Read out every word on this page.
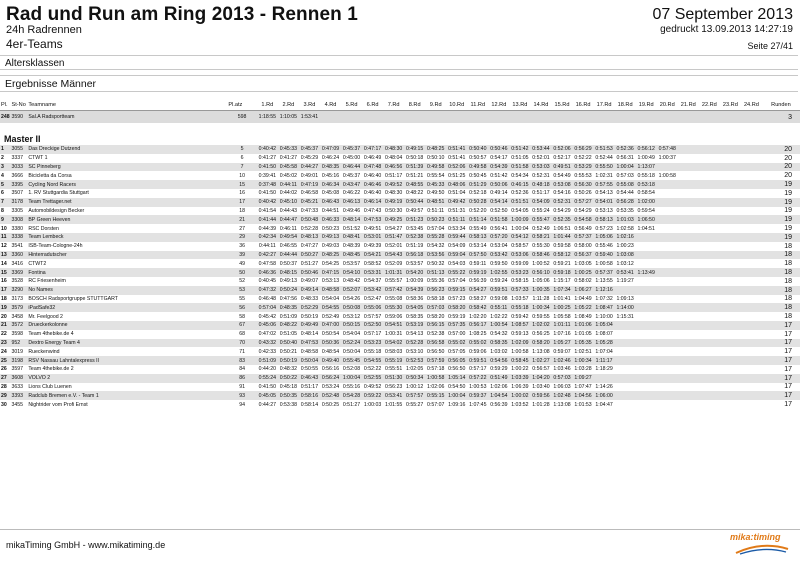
Rad und Run am Ring 2013 - Rennen 1
24h Radrennen
4er-Teams
07 September 2013
gedruckt 13.09.2013 14:27:19
Seite 27/41
Altersklassen
Ergebnisse Männer
Pl.	St-No	Teamname	Pl.atz	1.Rd	2.Rd	3.Rd	4.Rd	5.Rd	6.Rd	7.Rd	8.Rd	9.Rd	10.Rd	11.Rd	12.Rd	13.Rd	14.Rd	15.Rd	16.Rd	17.Rd	18.Rd	19.Rd	20.Rd	21.Rd	22.Rd	23.Rd	24.Rd	Runden
248	3590	Sal.A Radsportteam	598	1:18:55	1:10:05	1:53:41																						3

Master II																												
1	3055	Das Dreckige Dutzend	5	0:40:42	0:45:33	0:45:37	0:47:09	0:45:37	0:47:17	0:48:30	0:49:15	0:48:25	0:51:41	0:50:40	0:50:46	0:51:42	0:53:44	0:52:06	0:56:29	0:51:53	0:52:36	0:56:12	0:57:48					20
2	3337	CTWT 1	6	0:41:27	0:41:27	0:45:29	0:46:24	0:45:00	0:46:49	0:48:04	0:50:18	0:50:10	0:51:41	0:50:57	0:54:17	0:51:05	0:52:01	0:52:17	0:52:22	0:52:44	0:56:31	1:00:49	1:00:37					20
3	3033	SC Pinneberg	7	0:41:50	0:45:58	0:44:27	0:48:35	0:46:44	0:47:48	0:46:56	0:51:39	0:49:58	0:52:06	0:49:58	0:54:39	0:51:58	0:53:03	0:49:51	0:53:29	0:55:50	1:00:04	1:13:07						20
4	3666	Bicicletta da Corsa	10	0:39:41	0:45:02	0:49:01	0:45:16	0:45:37	0:46:40	0:51:17	0:51:21	0:55:54	0:51:25	0:50:45	0:51:42	0:54:34	0:52:31	0:54:49	0:55:53	1:02:31	0:57:03	0:55:18	1:00:58					20
5	3395	Cycling Nord Racers	15	0:37:48	0:44:11	0:47:19	0:46:34	0:43:47	0:46:46	0:49:52	0:48:55	0:45:33	0:48:06	0:51:29	0:50:06	0:46:15	0:48:18	0:53:08	0:56:30	0:57:55	0:55:08	0:53:18						19
6	3507	1. RV Stuttgardia Stuttgart	16	0:41:50	0:44:02	0:46:58	0:45:08	0:46:22	0:46:40	0:48:30	0:48:22	0:49:50	0:51:04	0:52:18	0:49:14	0:52:36	0:51:17	0:54:16	0:50:26	0:54:13	0:54:44	0:58:54						19
7	3178	Team Trettager.net	17	0:40:42	0:45:10	0:45:21	0:46:43	0:46:13	0:46:14	0:49:19	0:50:44	0:48:51	0:49:42	0:50:28	0:54:14	0:51:51	0:54:09	0:52:31	0:57:27	0:54:01	0:56:28	1:02:00						19
8	3305	Automobildesign Becker	18	0:41:54	0:44:43	0:47:33	0:44:51	0:49:46	0:47:43	0:50:30	0:49:57	0:51:11	0:51:31	0:52:20	0:52:50	0:54:05	0:55:24	0:54:29	0:54:29	0:53:13	0:53:35	0:59:54						19
9	3308	BP Green Heeven	21	0:41:44	0:44:47	0:50:48	0:46:33	0:48:14	0:47:53	0:49:25	0:51:23	0:50:23	0:51:11	0:51:14	0:51:58	1:00:09	0:55:47	0:52:35	0:54:58	0:58:13	1:01:03	1:06:50						19
10	3380	RSC Dorsten	27	0:44:39	0:46:11	0:52:28	0:50:23	0:51:52	0:49:51	0:54:27	0:53:45	0:57:04	0:53:34	0:55:49	0:56:41	1:00:04	0:52:49	1:06:51	0:56:49	0:57:23	1:02:58	1:04:51						19
11	3338	Team Lembeck	29	0:42:34	0:49:54	0:48:13	0:49:13	0:48:41	0:53:01	0:51:47	0:52:38	0:55:28	0:59:44	0:58:13	0:57:20	0:54:12	0:58:21	1:01:44	0:57:37	1:05:06	1:02:16							19
12	3541	ISB-Team-Cologne-24h	36	0:44:11	0:46:55	0:47:27	0:49:03	0:48:39	0:49:39	0:52:01	0:51:19	0:54:32	0:54:09	0:53:14	0:53:04	0:58:57	0:55:30	0:59:58	0:58:00	0:55:46	1:00:23							18
13	3360	Hinterradutscher	39	0:42:27	0:44:44	0:50:27	0:48:25	0:48:45	0:54:21	0:54:43	0:56:18	0:53:56	0:59:04	0:57:50	0:53:42	0:53:06	0:58:46	0:58:12	0:56:37	0:59:40	1:03:08							18
14	3416	CTWT2	49	0:47:58	0:50:37	0:51:27	0:54:25	0:53:57	0:58:52	0:52:09	0:53:57	0:50:32	0:54:03	0:59:11	0:59:50	0:59:09	1:00:52	0:59:21	1:03:05	1:00:58	1:03:12							18
15	3369	Fontina	50	0:46:36	0:48:15	0:50:46	0:47:15	0:54:10	0:53:31	1:01:31	0:54:20	0:51:13	0:55:22	0:59:19	1:02:55	0:53:23	0:56:10	0:59:18	1:00:25	0:57:37	0:53:41	1:13:49						18
16	3528	RC Friesenheim	52	0:40:45	0:49:13	0:49:07	0:53:13	0:48:42	0:54:37	0:55:57	1:00:09	0:55:36	0:57:04	0:56:39	0:59:24	0:58:15	1:05:06	1:15:17	0:58:02	1:13:55	1:19:27							18
17	3290	No Names	53	0:47:32	0:50:24	0:49:14	0:48:58	0:52:07	0:53:42	0:57:42	0:54:39	0:56:23	0:59:15	0:54:27	0:59:51	0:57:33	1:00:35	1:07:34	1:06:27	1:12:16								18
18	3173	BOSCH Radsportgruppe STUTTGART	55	0:46:48	0:47:56	0:48:33	0:54:04	0:54:26	0:52:47	0:55:08	0:58:36	0:58:18	0:57:23	0:58:27	0:59:08	1:03:57	1:11:28	1:01:41	1:04:49	1:07:32	1:09:13							18
19	3579	iPadSafe32	56	0:57:04	0:48:35	0:52:29	0:54:55	0:50:08	0:55:06	0:55:30	0:54:05	0:57:03	0:58:20	0:58:42	0:55:11	0:55:18	1:00:34	1:00:25	1:05:22	1:08:47	1:14:00							18
20	3458	Mr. Feelgood 2	58	0:45:42	0:51:09	0:50:19	0:52:49	0:53:12	0:57:57	0:59:06	0:58:35	0:58:20	0:59:19	1:02:20	1:02:22	0:59:42	0:59:55	1:05:58	1:08:49	1:10:00	1:15:31							18
21	3572	Drueckerkolonne	67	0:45:06	0:48:22	0:49:49	0:47:00	0:50:15	0:52:50	0:54:51	0:53:19	0:56:15	0:57:35	0:56:17	1:00:54	1:08:57	1:02:02	1:01:11	1:01:06	1:05:04								17
22	3598	Team 4thebike.de 4	68	0:47:02	0:51:05	0:48:14	0:50:54	0:54:04	0:57:17	1:00:31	0:54:13	0:52:38	0:57:00	1:08:25	0:54:32	0:59:13	0:56:25	1:07:16	1:01:05	1:08:07								17
23	952	Dextro Energy Team 4	70	0:43:32	0:50:40	0:47:53	0:50:36	0:52:24	0:53:23	0:54:02	0:52:28	0:56:58	0:55:02	0:55:02	0:58:35	1:02:09	0:58:20	1:05:27	1:05:35	1:05:28								17
24	3019	Rueckenwind	71	0:42:33	0:50:21	0:48:58	0:48:54	0:50:04	0:55:18	0:58:03	0:53:10	0:56:50	0:57:05	0:59:06	1:03:02	1:00:58	1:13:08	0:59:07	1:02:51	1:07:04								17
25	3198	RSV Nassau Lahntalexpress II	83	0:51:09	0:50:19	0:50:04	0:49:40	0:55:45	0:54:55	0:55:19	0:52:53	0:57:59	0:56:05	0:59:51	0:54:56	0:58:45	1:02:27	1:02:46	1:00:34	1:11:17								17
26	3597	Team 4thebike.de 2	84	0:44:20	0:48:32	0:50:55	0:56:16	0:52:08	0:52:22	0:55:51	1:02:05	0:57:18	0:56:50	0:57:17	0:59:29	1:00:22	0:56:57	1:03:46	1:03:28	1:18:29								17
27	3608	VOLVO 2	86	0:55:24	0:50:22	0:46:43	0:56:24	1:00:04	0:52:55	0:51:30	0:50:34	1:00:58	1:05:14	0:57:22	0:51:49	1:03:39	1:04:20	0:57:03	1:09:27									17
28	3633	Lions Club Luenen	91	0:41:50	0:45:18	0:51:17	0:53:24	0:55:16	0:49:52	0:56:23	1:00:12	1:02:06	0:54:50	1:00:53	1:02:06	1:06:39	1:03:40	1:06:03	1:07:47	1:14:26								17
29	3393	Radclub Bremen e.V. - Team 1	93	0:45:05	0:50:35	0:58:16	0:52:48	0:54:28	0:59:22	0:53:41	0:57:57	0:55:15	1:00:04	0:59:37	1:04:54	1:00:02	0:59:56	1:02:48	1:04:56	1:06:00								17
30	3455	Nightrider vom Profi Ernst	94	0:44:27	0:53:38	0:58:14	0:50:25	0:51:27	1:00:03	1:01:55	0:55:27	0:57:07	1:09:16	1:07:45	0:56:39	1:03:52	1:01:28	1:13:08	1:01:53	1:04:47								17
mikaTiming GmbH - www.mikatiming.de
mika:timing
